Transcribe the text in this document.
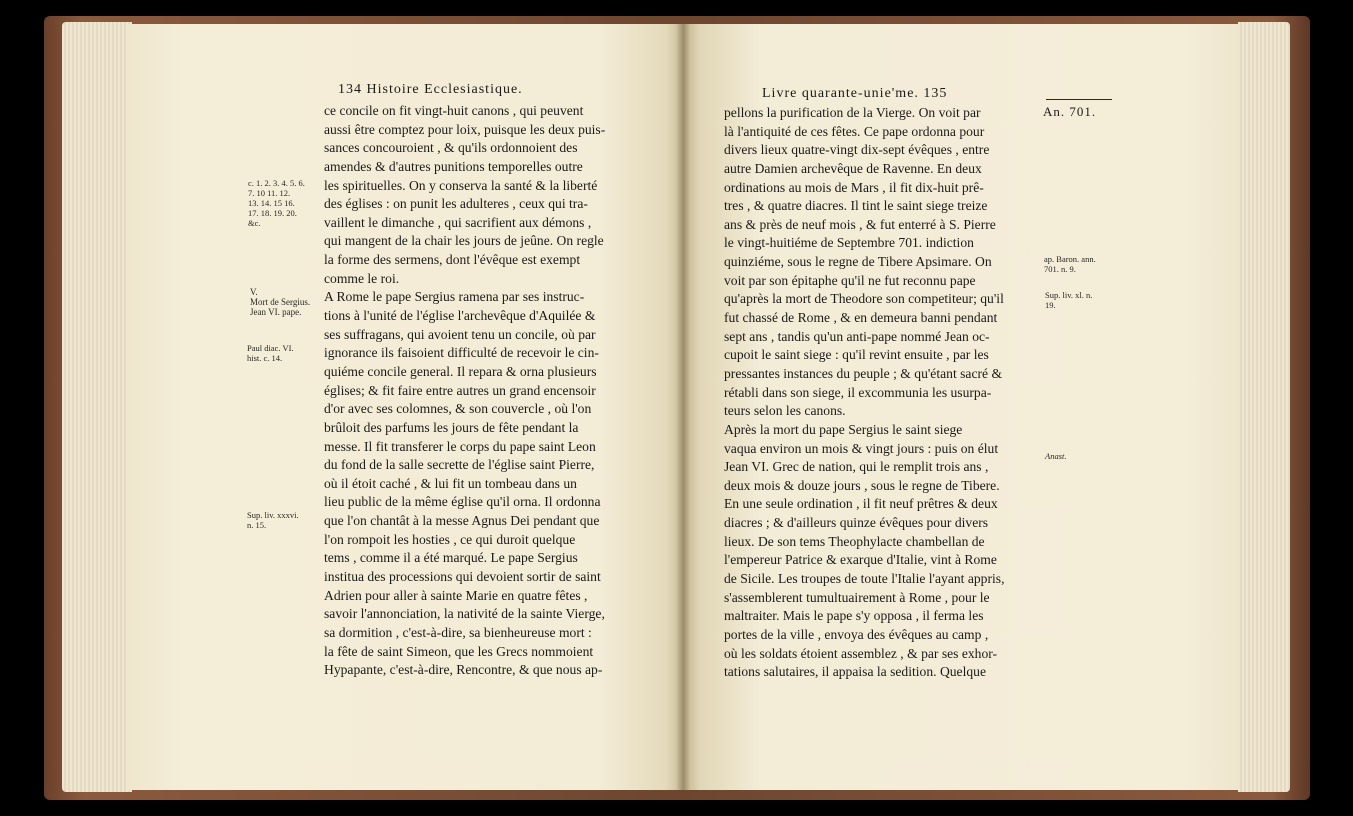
134 Histoire Ecclesiastique.
ce concile on fit vingt-huit canons , qui peuvent
aussi être comptez pour loix, puisque les deux puis-
sances concouroient , & qu'ils ordonnoient des
amendes & d'autres punitions temporelles outre
les spirituelles. On y conserva la santé & la liberté
des églises : on punit les adulteres , ceux qui tra-
vaillent le dimanche , qui sacrifient aux démons ,
qui mangent de la chair les jours de jeûne. On regle
la forme des sermens, dont l'évêque est exempt
comme le roi.
A Rome le pape Sergius ramena par ses instruc-
tions à l'unité de l'église l'archevêque d'Aquilée &
ses suffragans, qui avoient tenu un concile, où par
ignorance ils faisoient difficulté de recevoir le cin-
quiéme concile general. Il repara & orna plusieurs
églises; & fit faire entre autres un grand encensoir
d'or avec ses colomnes, & son couvercle , où l'on
brûloit des parfums les jours de fête pendant la
messe. Il fit transferer le corps du pape saint Leon
du fond de la salle secrette de l'église saint Pierre,
où il étoit caché , & lui fit un tombeau dans un
lieu public de la même église qu'il orna. Il ordonna
que l'on chantât à la messe Agnus Dei pendant que
l'on rompoit les hosties , ce qui duroit quelque
tems , comme il a été marqué. Le pape Sergius
institua des processions qui devoient sortir de saint
Adrien pour aller à sainte Marie en quatre fêtes ,
savoir l'annonciation, la nativité de la sainte Vierge,
sa dormition , c'est-à-dire, sa bienheureuse mort :
la fête de saint Simeon, que les Grecs nommoient
Hypapante, c'est-à-dire, Rencontre, & que nous ap-
c. 1. 2. 3. 4. 5. 6.
7. 10 11. 12.
13. 14. 15 16.
17. 18. 19. 20.
&c.
V.
Mort de Sergius.
Jean VI. pape.
Paul diac. VI.
hist. c. 14.
Sup. liv. xxxvi.
n. 15.
Livre quarante-unie'me. 135
An. 701.
pellons la purification de la Vierge. On voit par
là l'antiquité de ces fêtes. Ce pape ordonna pour
divers lieux quatre-vingt dix-sept évêques , entre
autre Damien archevêque de Ravenne. En deux
ordinations au mois de Mars , il fit dix-huit prê-
tres , & quatre diacres. Il tint le saint siege treize
ans & près de neuf mois , & fut enterré à S. Pierre
le vingt-huitiéme de Septembre 701. indiction
quinziéme, sous le regne de Tibere Apsimare. On
voit par son épitaphe qu'il ne fut reconnu pape
qu'après la mort de Theodore son competiteur; qu'il
fut chassé de Rome , & en demeura banni pendant
sept ans , tandis qu'un anti-pape nommé Jean oc-
cupoit le saint siege : qu'il revint ensuite , par les
pressantes instances du peuple ; & qu'étant sacré &
rétabli dans son siege, il excommunia les usurpa-
teurs selon les canons.
Après la mort du pape Sergius le saint siege
vaqua environ un mois & vingt jours : puis on élut
Jean VI. Grec de nation, qui le remplit trois ans ,
deux mois & douze jours , sous le regne de Tibere.
En une seule ordination , il fit neuf prêtres & deux
diacres ; & d'ailleurs quinze évêques pour divers
lieux. De son tems Theophylacte chambellan de
l'empereur Patrice & exarque d'Italie, vint à Rome
de Sicile. Les troupes de toute l'Italie l'ayant appris,
s'assemblerent tumultuairement à Rome , pour le
maltraiter. Mais le pape s'y opposa , il ferma les
portes de la ville , envoya des évêques au camp ,
où les soldats étoient assemblez , & par ses exhor-
tations salutaires, il appaisa la sedition. Quelque
ap. Baron. ann.
701. n. 9.
Sup. liv. xl. n.
19.
Anast.
